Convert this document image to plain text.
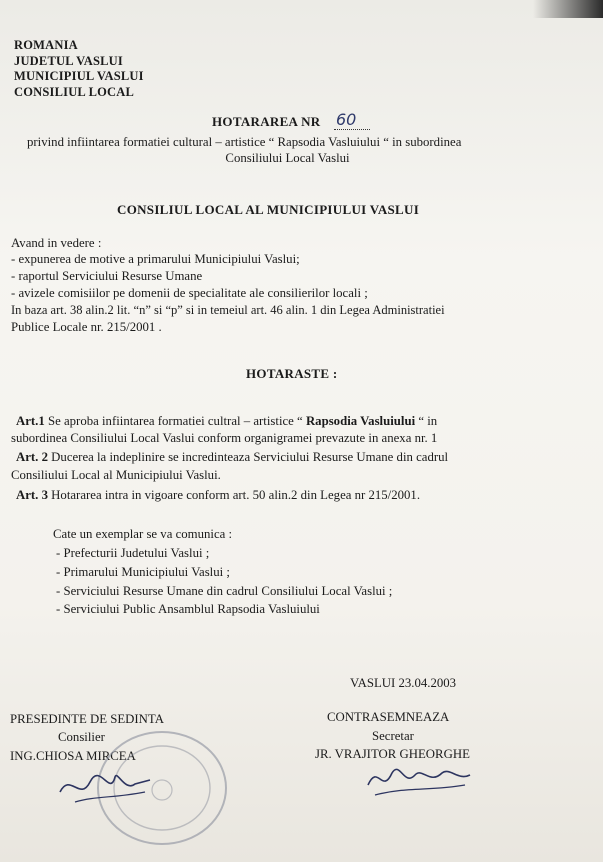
ROMANIA
JUDETUL VASLUI
MUNICIPIUL VASLUI
CONSILIUL LOCAL
HOTARAREA NR 60
privind infiintarea formatiei cultural – artistice “ Rapsodia Vasluiului “ in subordinea
Consiliului Local Vaslui
CONSILIUL LOCAL AL MUNICIPIULUI VASLUI
Avand in vedere :
- expunerea de motive a primarului Municipiului Vaslui;
- raportul Serviciului Resurse Umane
- avizele comisiilor pe domenii de specialitate ale consilierilor locali ;
In baza art. 38 alin.2 lit. “n” si “p” si in temeiul art. 46 alin. 1 din Legea Administratiei
Publice Locale nr. 215/2001 .
HOTARASTE :
Art.1 Se aproba infiintarea formatiei cultral – artistice “ Rapsodia Vasluiului “ in
subordinea Consiliului Local Vaslui conform organigramei prevazute in anexa nr. 1
Art. 2 Ducerea la indeplinire se incredinteaza Serviciului Resurse Umane din cadrul
Consiliului Local al Municipiului Vaslui.
Art. 3 Hotararea intra in vigoare conform art. 50 alin.2 din Legea nr 215/2001.
Cate un exemplar se va comunica :
- Prefecturii Judetului Vaslui ;
- Primarului Municipiului Vaslui ;
- Serviciului Resurse Umane din cadrul Consiliului Local Vaslui ;
- Serviciului Public Ansamblul Rapsodia Vasluiului
VASLUI 23.04.2003
PRESEDINTE DE SEDINTA
Consilier
ING.CHIOSA MIRCEA
CONTRASEMNEAZA
Secretar
JR. VRAJITOR GHEORGHE
